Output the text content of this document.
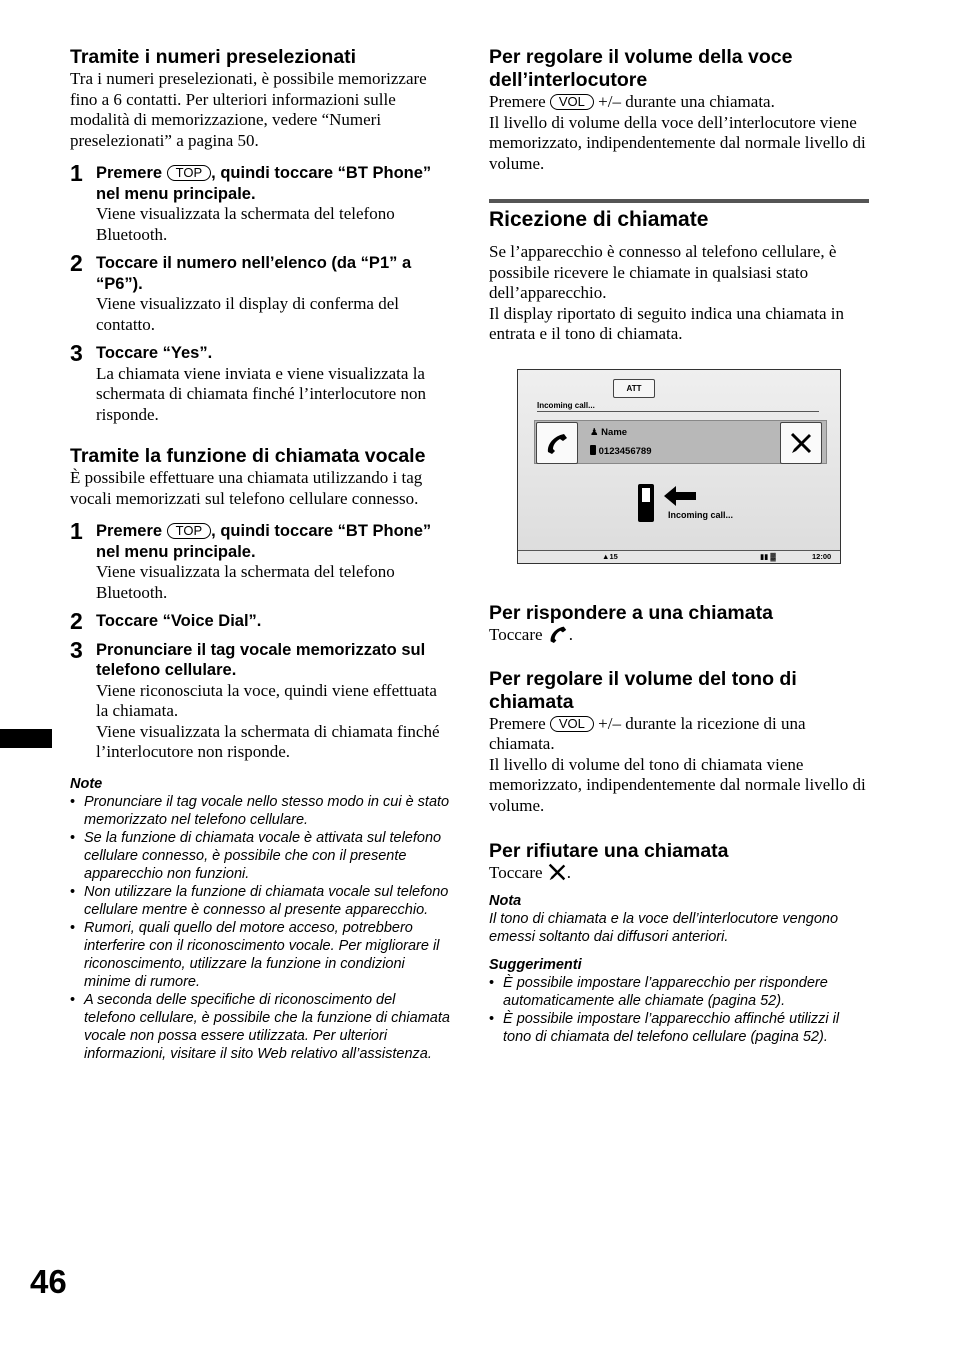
Tramite i numeri preselezionati

Tra i numeri preselezionati, è possibile memorizzare fino a 6 contatti. Per ulteriori informazioni sulle modalità di memorizzazione, vedere “Numeri preselezionati” a pagina 50.

1 Premere TOP , quindi toccare “BT Phone” nel menu principale.

Viene visualizzata la schermata del telefono Bluetooth.

2 Toccare il numero nell’elenco (da “P1” a “P6”).

Viene visualizzato il display di conferma del contatto.

3 Toccare “Yes”.

La chiamata viene inviata e viene visualizzata la schermata di chiamata finché l’interlocutore non risponde.

Tramite la funzione di chiamata vocale

È possibile effettuare una chiamata utilizzando i tag vocali memorizzati sul telefono cellulare connesso.

1 Premere TOP , quindi toccare “BT Phone” nel menu principale.

Viene visualizzata la schermata del telefono Bluetooth.

2 Toccare “Voice Dial”.

3 Pronunciare il tag vocale memorizzato sul telefono cellulare.

Viene riconosciuta la voce, quindi viene effettuata la chiamata.

Viene visualizzata la schermata di chiamata finché l’interlocutore non risponde.

Note

• Pronunciare il tag vocale nello stesso modo in cui è stato memorizzato nel telefono cellulare.
• Se la funzione di chiamata vocale è attivata sul telefono cellulare connesso, è possibile che con il presente apparecchio non funzioni.
• Non utilizzare la funzione di chiamata vocale sul telefono cellulare mentre è connesso al presente apparecchio.
• Rumori, quali quello del motore acceso, potrebbero interferire con il riconoscimento vocale. Per migliorare il riconoscimento, utilizzare la funzione in condizioni minime di rumore.
• A seconda delle specifiche di riconoscimento del telefono cellulare, è possibile che la funzione di chiamata vocale non possa essere utilizzata. Per ulteriori informazioni, visitare il sito Web relativo all’assistenza.
46
Per regolare il volume della voce dell’interlocutore

Premere VOL +/– durante una chiamata.

Il livello di volume della voce dell’interlocutore viene memorizzato, indipendentemente dal normale livello di volume.

Ricezione di chiamate

Se l’apparecchio è connesso al telefono cellulare, è possibile ricevere le chiamate in qualsiasi stato dell’apparecchio.

Il display riportato di seguito indica una chiamata in entrata e il tono di chiamata.

ATT
Incoming call...
♟ Name
0123456789
Incoming call...
▲15	▮▮ ▓	12:00
Per rispondere a una chiamata

Toccare .

Per regolare il volume del tono di chiamata

Premere VOL +/– durante la ricezione di una chiamata.

Il livello di volume del tono di chiamata viene memorizzato, indipendentemente dal normale livello di volume.

Per rifiutare una chiamata

Toccare .

Nota

Il tono di chiamata e la voce dell’interlocutore vengono emessi soltanto dai diffusori anteriori.

Suggerimenti

• È possibile impostare l’apparecchio per rispondere automaticamente alle chiamate (pagina 52).
• È possibile impostare l’apparecchio affinché utilizzi il tono di chiamata del telefono cellulare (pagina 52).
